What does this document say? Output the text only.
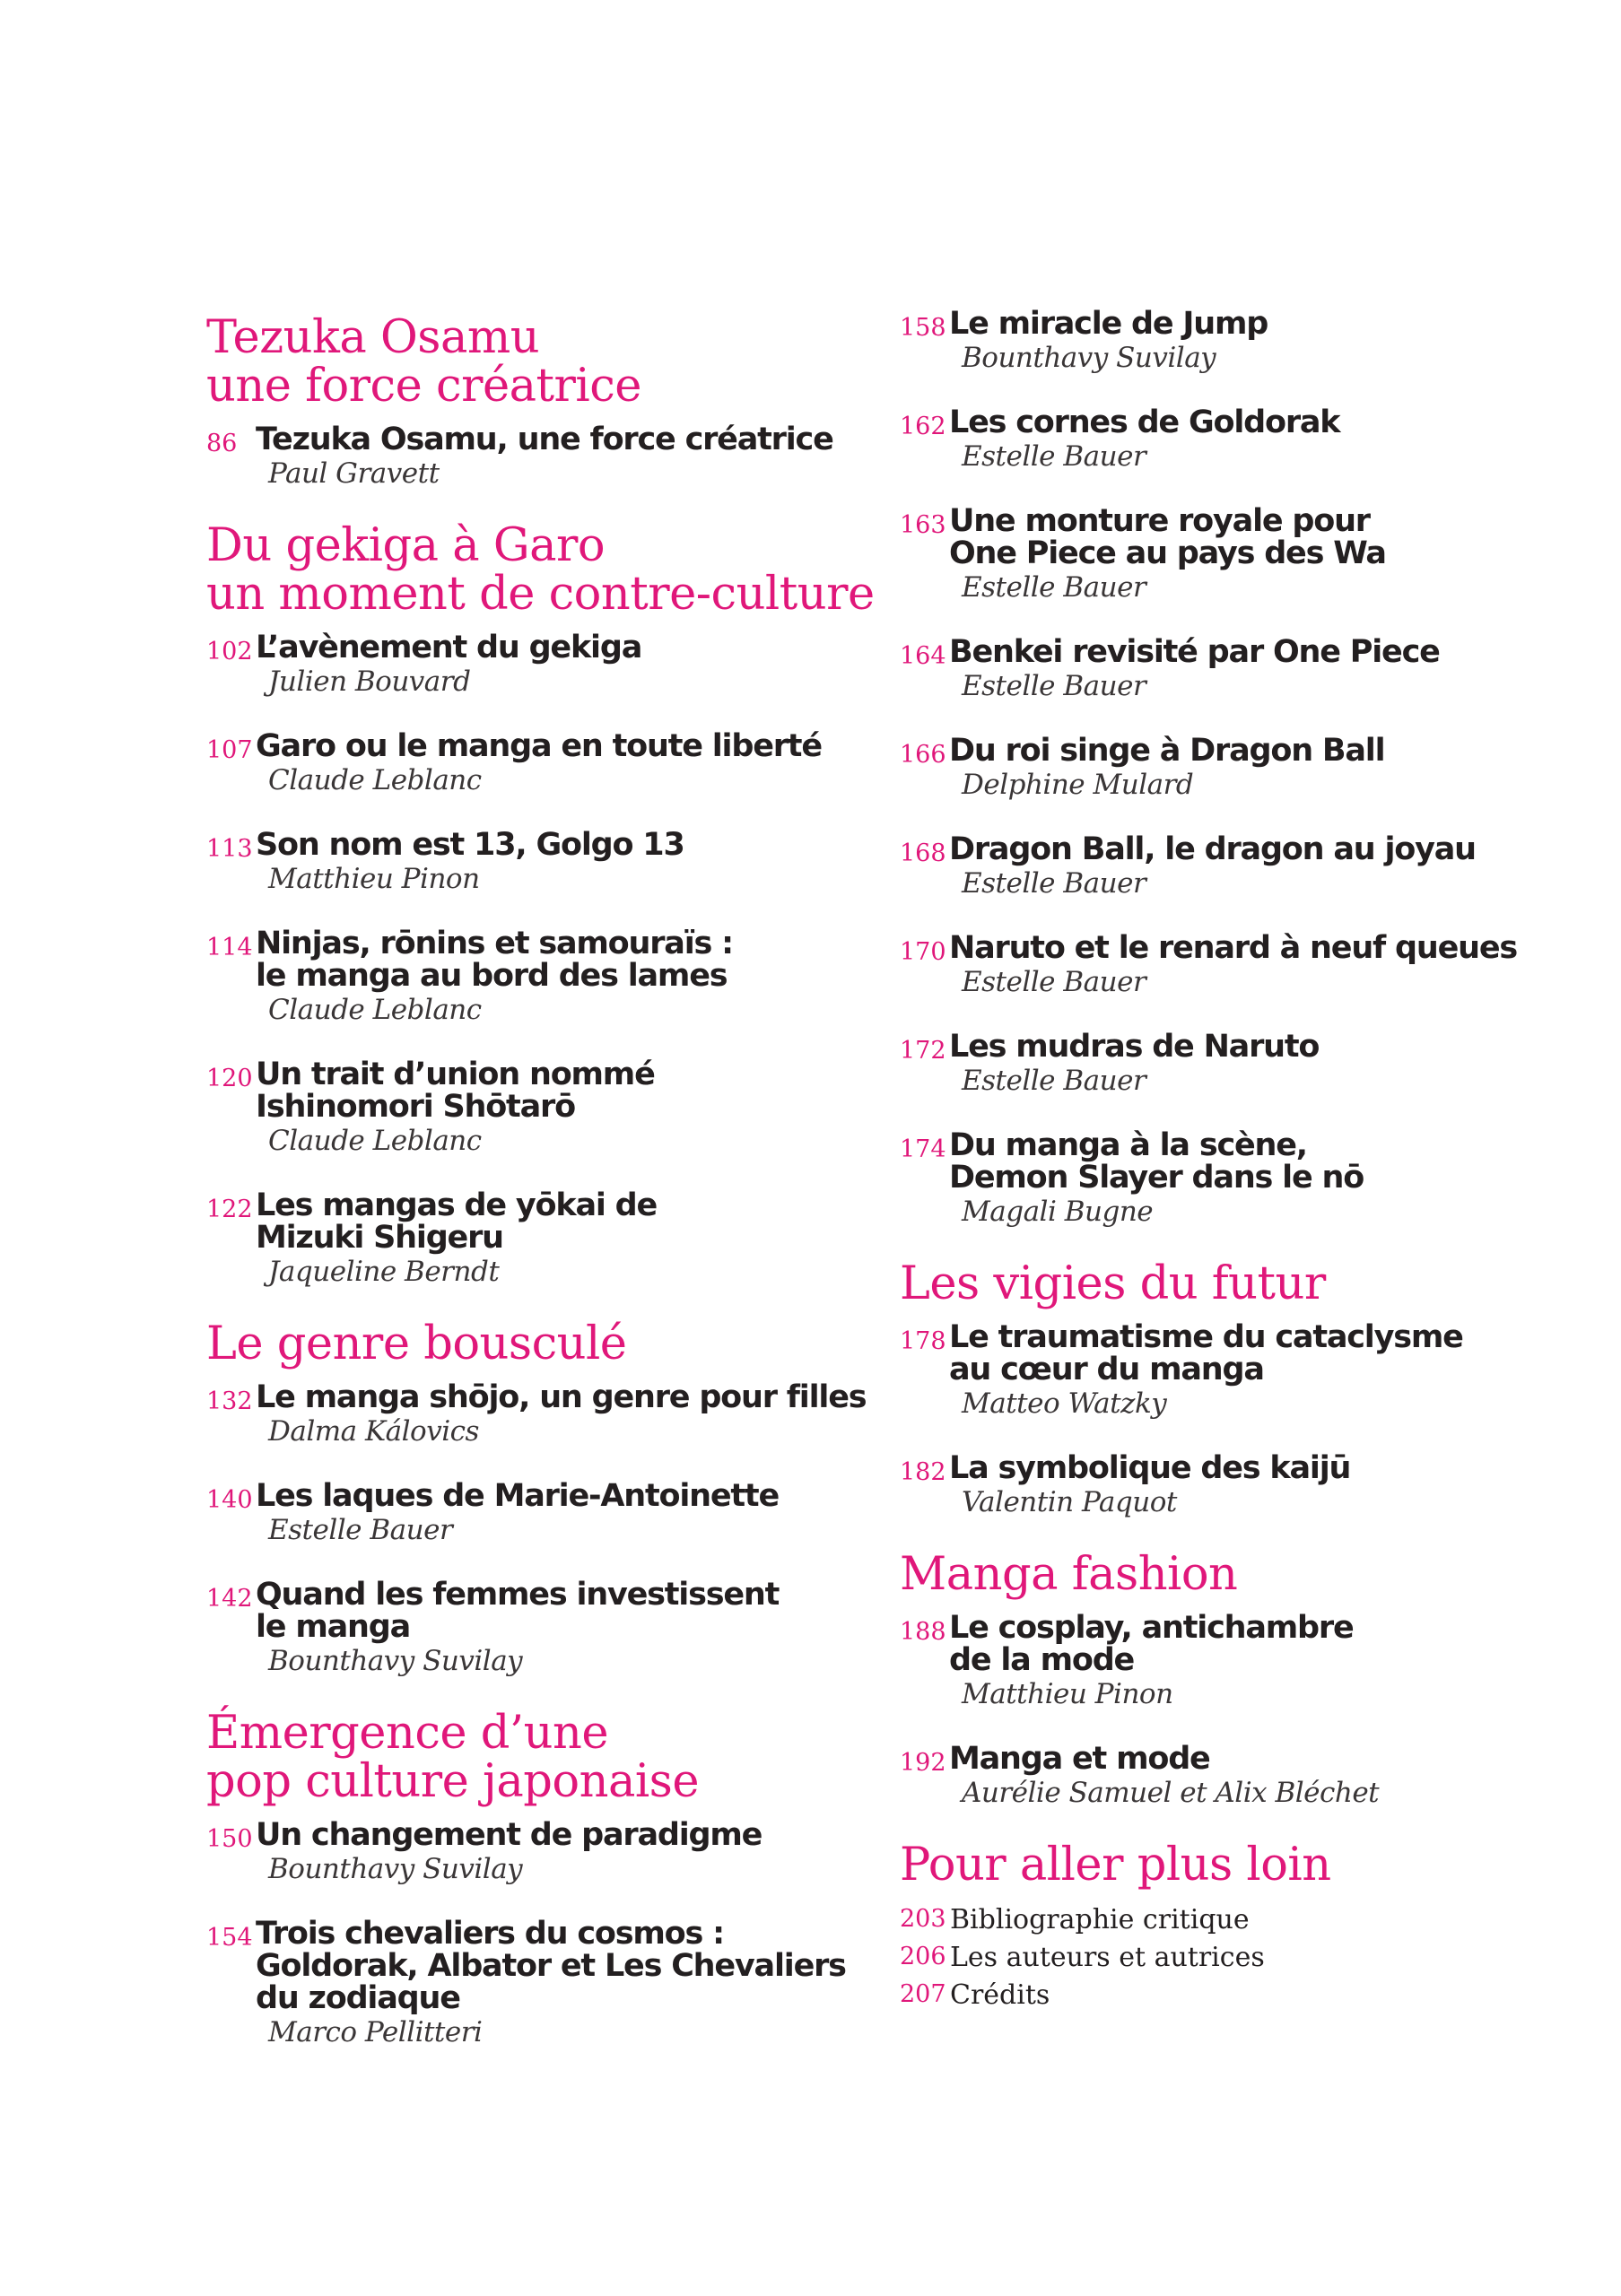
Tezuka Osamu
une force créatrice
86 Tezuka Osamu, une force créatrice
Paul Gravett
Du gekiga à Garo
un moment de contre-culture
102 L’avènement du gekiga
Julien Bouvard
107 Garo ou le manga en toute liberté
Claude Leblanc
113 Son nom est 13, Golgo 13
Matthieu Pinon
114 Ninjas, rōnins et samouraïs :
le manga au bord des lames
Claude Leblanc
120 Un trait d’union nommé
Ishinomori Shōtarō
Claude Leblanc
122 Les mangas de yōkai de
Mizuki Shigeru
Jaqueline Berndt
Le genre bousculé
132 Le manga shōjo, un genre pour filles
Dalma Kálovics
140 Les laques de Marie-Antoinette
Estelle Bauer
142 Quand les femmes investissent
le manga
Bounthavy Suvilay
Émergence d’une
pop culture japonaise
150 Un changement de paradigme
Bounthavy Suvilay
154 Trois chevaliers du cosmos :
Goldorak, Albator et Les Chevaliers
du zodiaque
Marco Pellitteri
158 Le miracle de Jump
Bounthavy Suvilay
162 Les cornes de Goldorak
Estelle Bauer
163 Une monture royale pour
One Piece au pays des Wa
Estelle Bauer
164 Benkei revisité par One Piece
Estelle Bauer
166 Du roi singe à Dragon Ball
Delphine Mulard
168 Dragon Ball, le dragon au joyau
Estelle Bauer
170 Naruto et le renard à neuf queues
Estelle Bauer
172 Les mudras de Naruto
Estelle Bauer
174 Du manga à la scène,
Demon Slayer dans le nō
Magali Bugne
Les vigies du futur
178 Le traumatisme du cataclysme
au cœur du manga
Matteo Watzky
182 La symbolique des kaijū
Valentin Paquot
Manga fashion
188 Le cosplay, antichambre
de la mode
Matthieu Pinon
192 Manga et mode
Aurélie Samuel et Alix Bléchet
Pour aller plus loin
203 Bibliographie critique
206 Les auteurs et autrices
207 Crédits
